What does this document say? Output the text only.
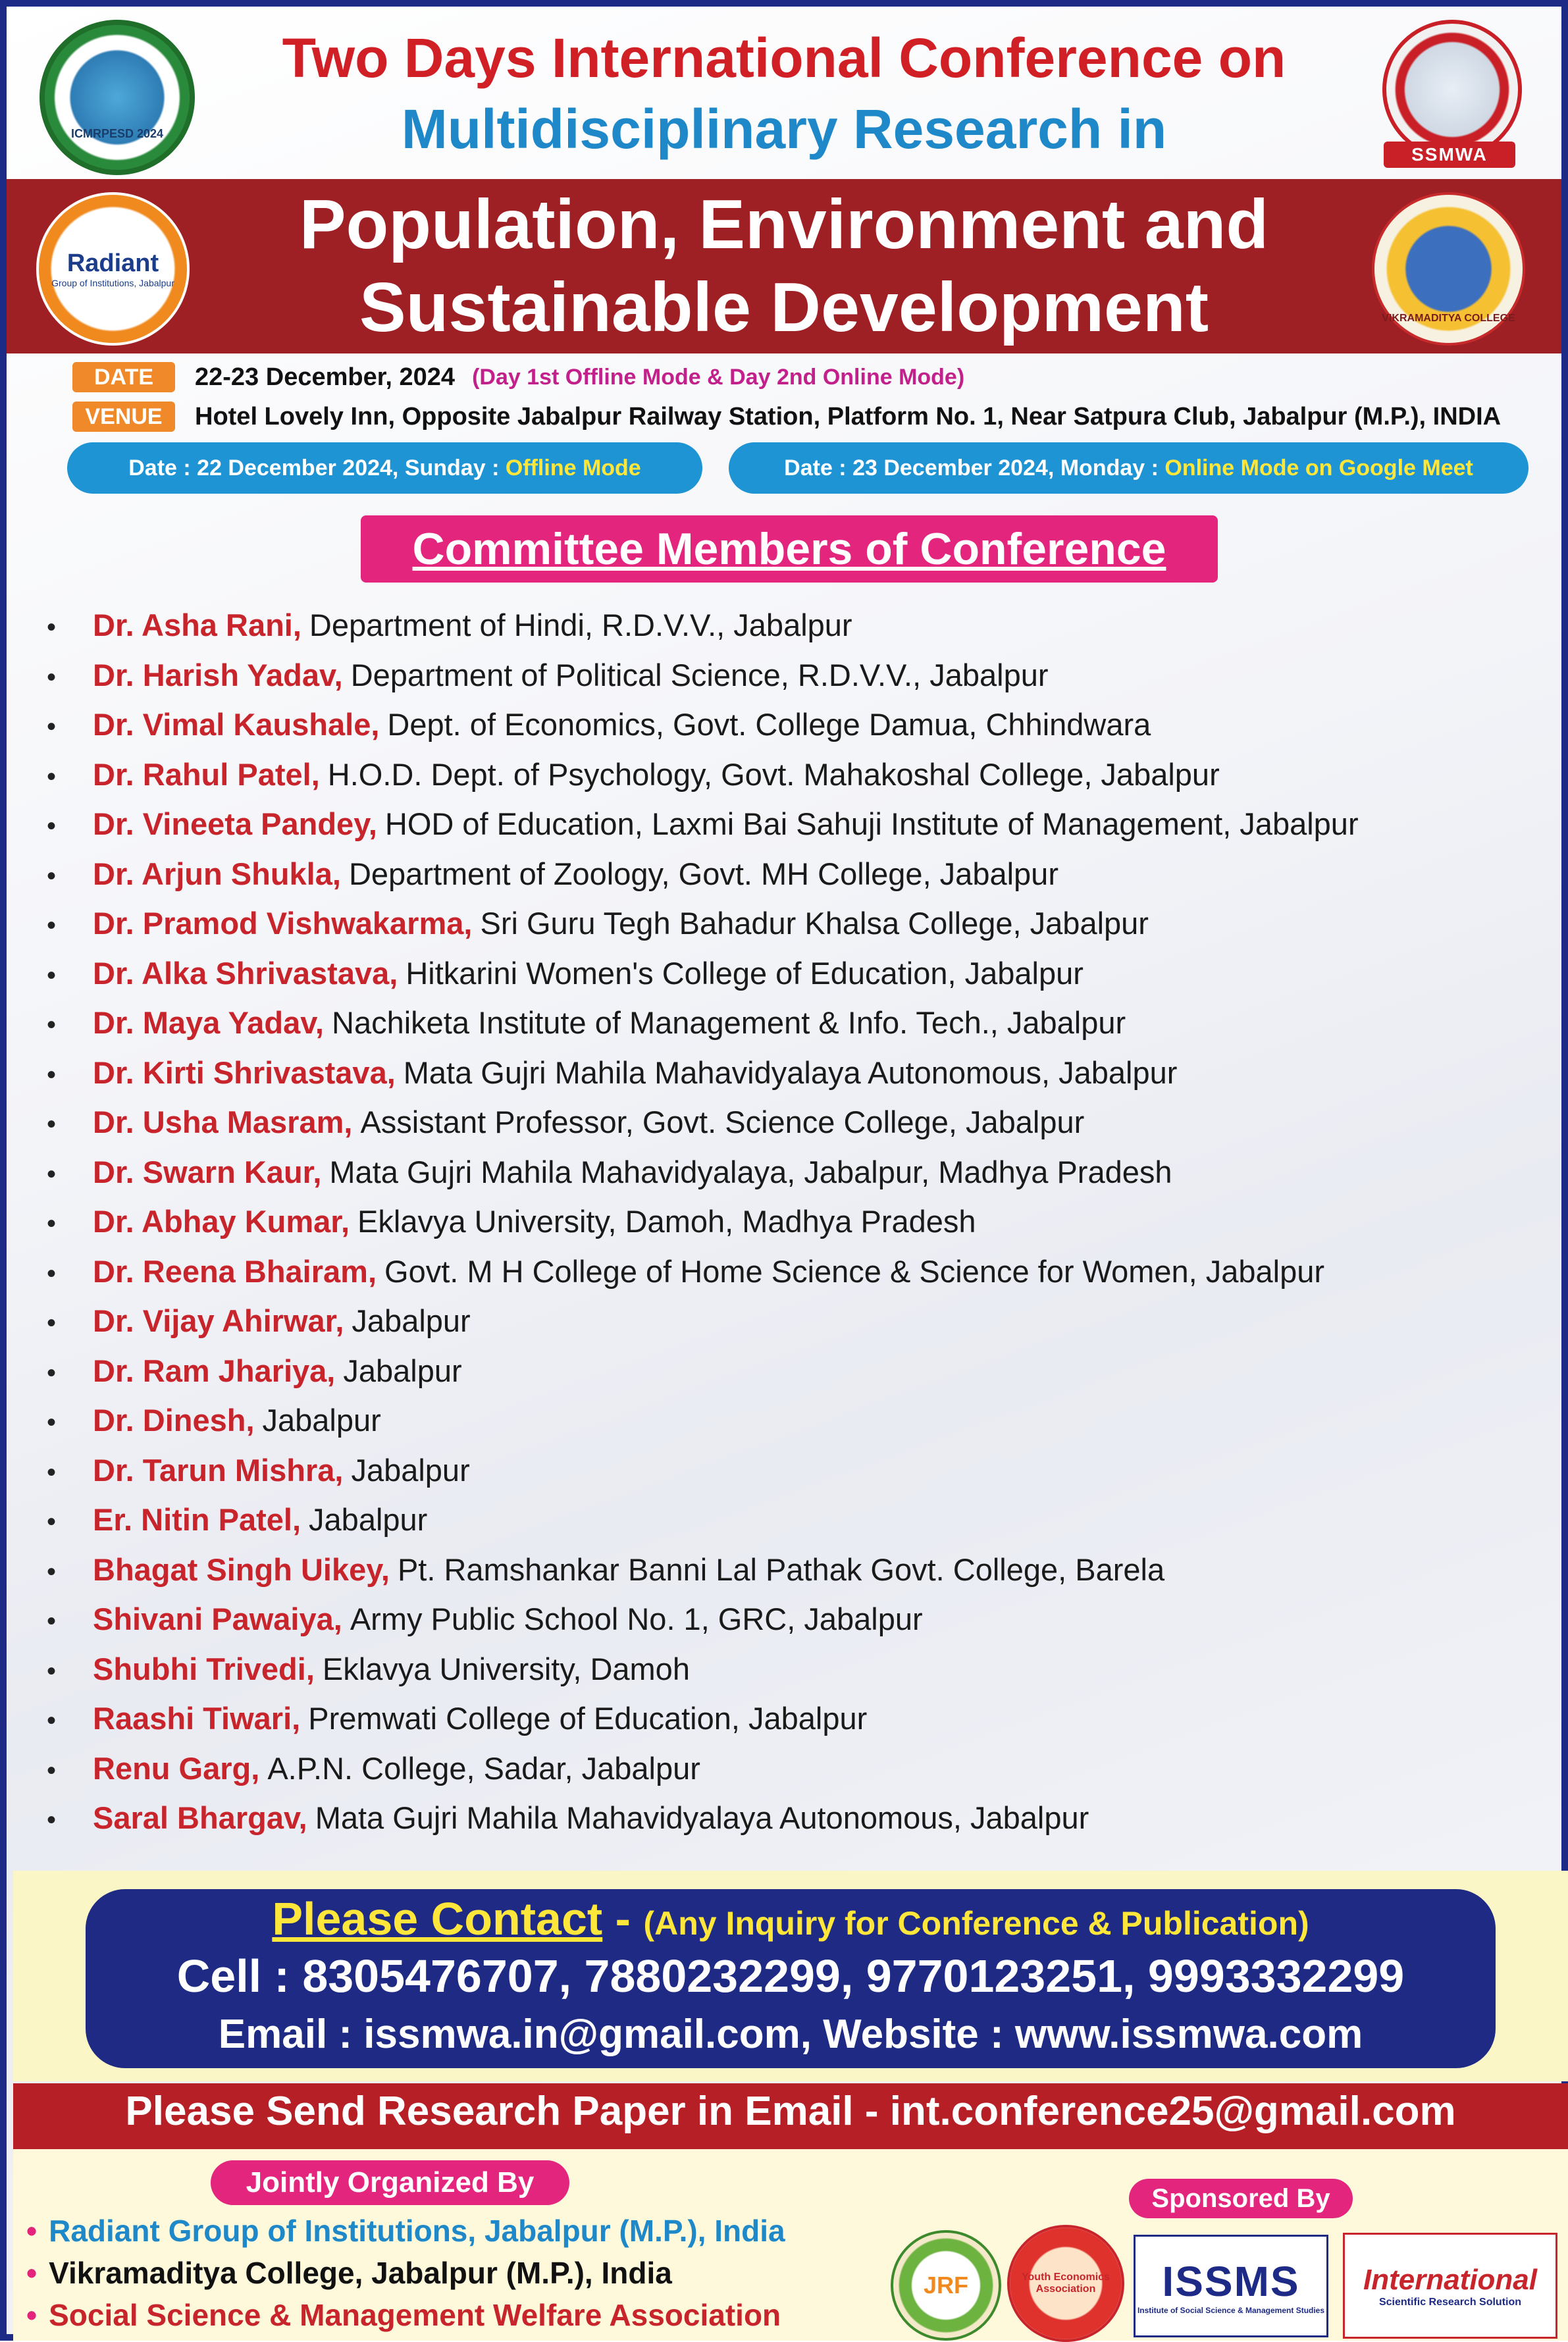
ICMRPESD 2024
SSMWA
Two Days International Conference on
Multidisciplinary Research in
Population, Environment and
Sustainable Development
Radiant
Group of Institutions, Jabalpur
VIKRAMADITYA COLLEGE
DATE	22-23 December, 2024 (Day 1st Offline Mode & Day 2nd Online Mode)
VENUE	Hotel Lovely Inn, Opposite Jabalpur Railway Station, Platform No. 1, Near Satpura Club, Jabalpur (M.P.), INDIA
Date : 22 December 2024, Sunday : Offline Mode	Date : 23 December 2024, Monday : Online Mode on Google Meet
Committee Members of Conference
• Dr. Asha Rani, Department of Hindi, R.D.V.V., Jabalpur
• Dr. Harish Yadav, Department of Political Science, R.D.V.V., Jabalpur
• Dr. Vimal Kaushale, Dept. of Economics, Govt. College Damua, Chhindwara
• Dr. Rahul Patel, H.O.D. Dept. of Psychology, Govt. Mahakoshal College, Jabalpur
• Dr. Vineeta Pandey, HOD of Education, Laxmi Bai Sahuji Institute of Management, Jabalpur
• Dr. Arjun Shukla, Department of Zoology, Govt. MH College, Jabalpur
• Dr. Pramod Vishwakarma, Sri Guru Tegh Bahadur Khalsa College, Jabalpur
• Dr. Alka Shrivastava, Hitkarini Women's College of Education, Jabalpur
• Dr. Maya Yadav, Nachiketa Institute of Management & Info. Tech., Jabalpur
• Dr. Kirti Shrivastava, Mata Gujri Mahila Mahavidyalaya Autonomous, Jabalpur
• Dr. Usha Masram, Assistant Professor, Govt. Science College, Jabalpur
• Dr. Swarn Kaur, Mata Gujri Mahila Mahavidyalaya, Jabalpur, Madhya Pradesh
• Dr. Abhay Kumar, Eklavya University, Damoh, Madhya Pradesh
• Dr. Reena Bhairam, Govt. M H College of Home Science & Science for Women, Jabalpur
• Dr. Vijay Ahirwar, Jabalpur
• Dr. Ram Jhariya, Jabalpur
• Dr. Dinesh, Jabalpur
• Dr. Tarun Mishra, Jabalpur
• Er. Nitin Patel, Jabalpur
• Bhagat Singh Uikey, Pt. Ramshankar Banni Lal Pathak Govt. College, Barela
• Shivani Pawaiya, Army Public School No. 1, GRC, Jabalpur
• Shubhi Trivedi, Eklavya University, Damoh
• Raashi Tiwari, Premwati College of Education, Jabalpur
• Renu Garg, A.P.N. College, Sadar, Jabalpur
• Saral Bhargav, Mata Gujri Mahila Mahavidyalaya Autonomous, Jabalpur
Please Contact - (Any Inquiry for Conference & Publication)
Cell : 8305476707, 7880232299, 9770123251, 9993332299
Email : issmwa.in@gmail.com, Website : www.issmwa.com
Please Send Research Paper in Email - int.conference25@gmail.com
Jointly Organized By
• Radiant Group of Institutions, Jabalpur (M.P.), India
• Vikramaditya College, Jabalpur (M.P.), India
• Social Science & Management Welfare Association
Sponsored By
JRF	Youth Economics Association	ISSMS
Institute of Social Science & Management Studies
International
Scientific Research Solution
